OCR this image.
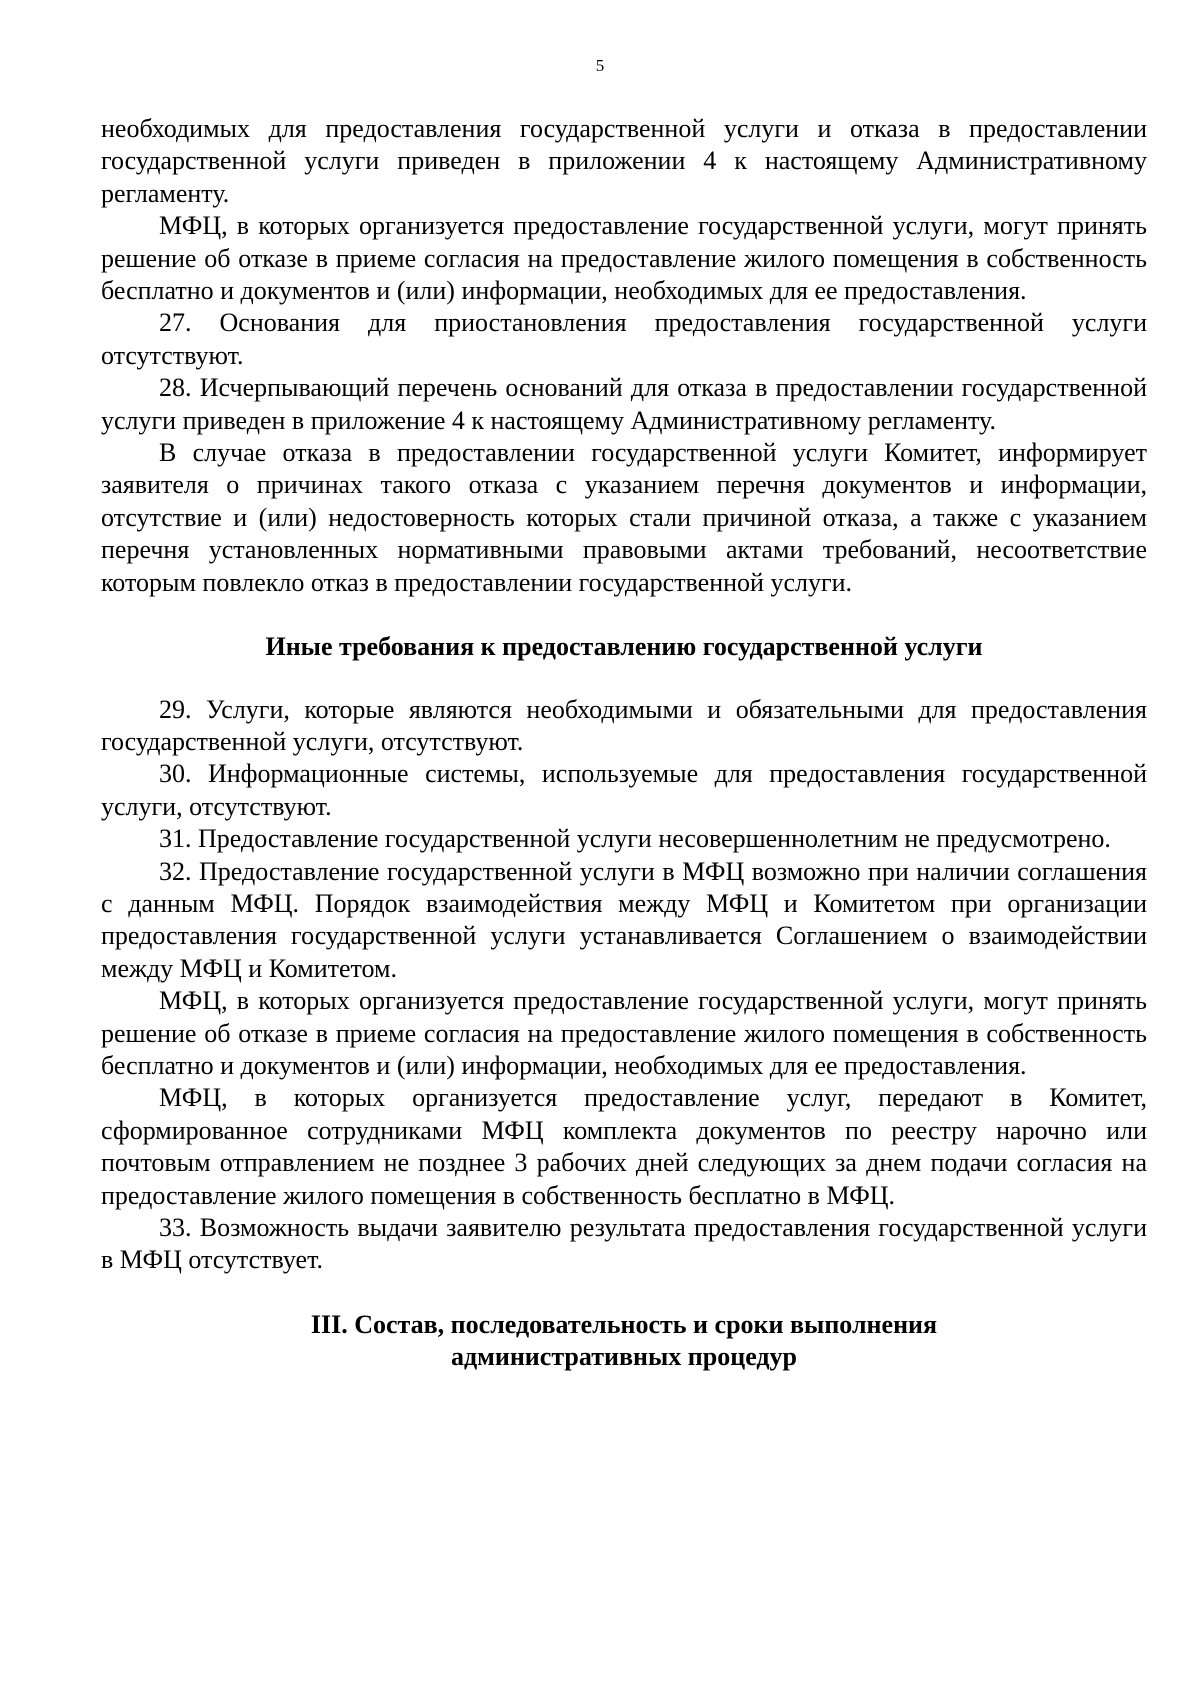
5

необходимых для предоставления государственной услуги и отказа в предоставлении государственной услуги приведен в приложении 4 к настоящему Административному регламенту.

МФЦ, в которых организуется предоставление государственной услуги, могут принять решение об отказе в приеме согласия на предоставление жилого помещения в собственность бесплатно и документов и (или) информации, необходимых для ее предоставления.

27. Основания для приостановления предоставления государственной услуги отсутствуют.

28. Исчерпывающий перечень оснований для отказа в предоставлении государственной услуги приведен в приложение 4 к настоящему Административному регламенту.

В случае отказа в предоставлении государственной услуги Комитет, информирует заявителя о причинах такого отказа с указанием перечня документов и информации, отсутствие и (или) недостоверность которых стали причиной отказа, а также с указанием перечня установленных нормативными правовыми актами требований, несоответствие которым повлекло отказ в предоставлении государственной услуги.

Иные требования к предоставлению государственной услуги

29. Услуги, которые являются необходимыми и обязательными для предоставления государственной услуги, отсутствуют.

30. Информационные системы, используемые для предоставления государственной услуги, отсутствуют.

31. Предоставление государственной услуги несовершеннолетним не предусмотрено.

32. Предоставление государственной услуги в МФЦ возможно при наличии соглашения с данным МФЦ. Порядок взаимодействия между МФЦ и Комитетом при организации предоставления государственной услуги устанавливается Соглашением о взаимодействии между МФЦ и Комитетом.

МФЦ, в которых организуется предоставление государственной услуги, могут принять решение об отказе в приеме согласия на предоставление жилого помещения в собственность бесплатно и документов и (или) информации, необходимых для ее предоставления.

МФЦ, в которых организуется предоставление услуг, передают в Комитет, сформированное сотрудниками МФЦ комплекта документов по реестру нарочно или почтовым отправлением не позднее 3 рабочих дней следующих за днем подачи согласия на предоставление жилого помещения в собственность бесплатно в МФЦ.

33. Возможность выдачи заявителю результата предоставления государственной услуги в МФЦ отсутствует.

III. Состав, последовательность и сроки выполнения
административных процедур
